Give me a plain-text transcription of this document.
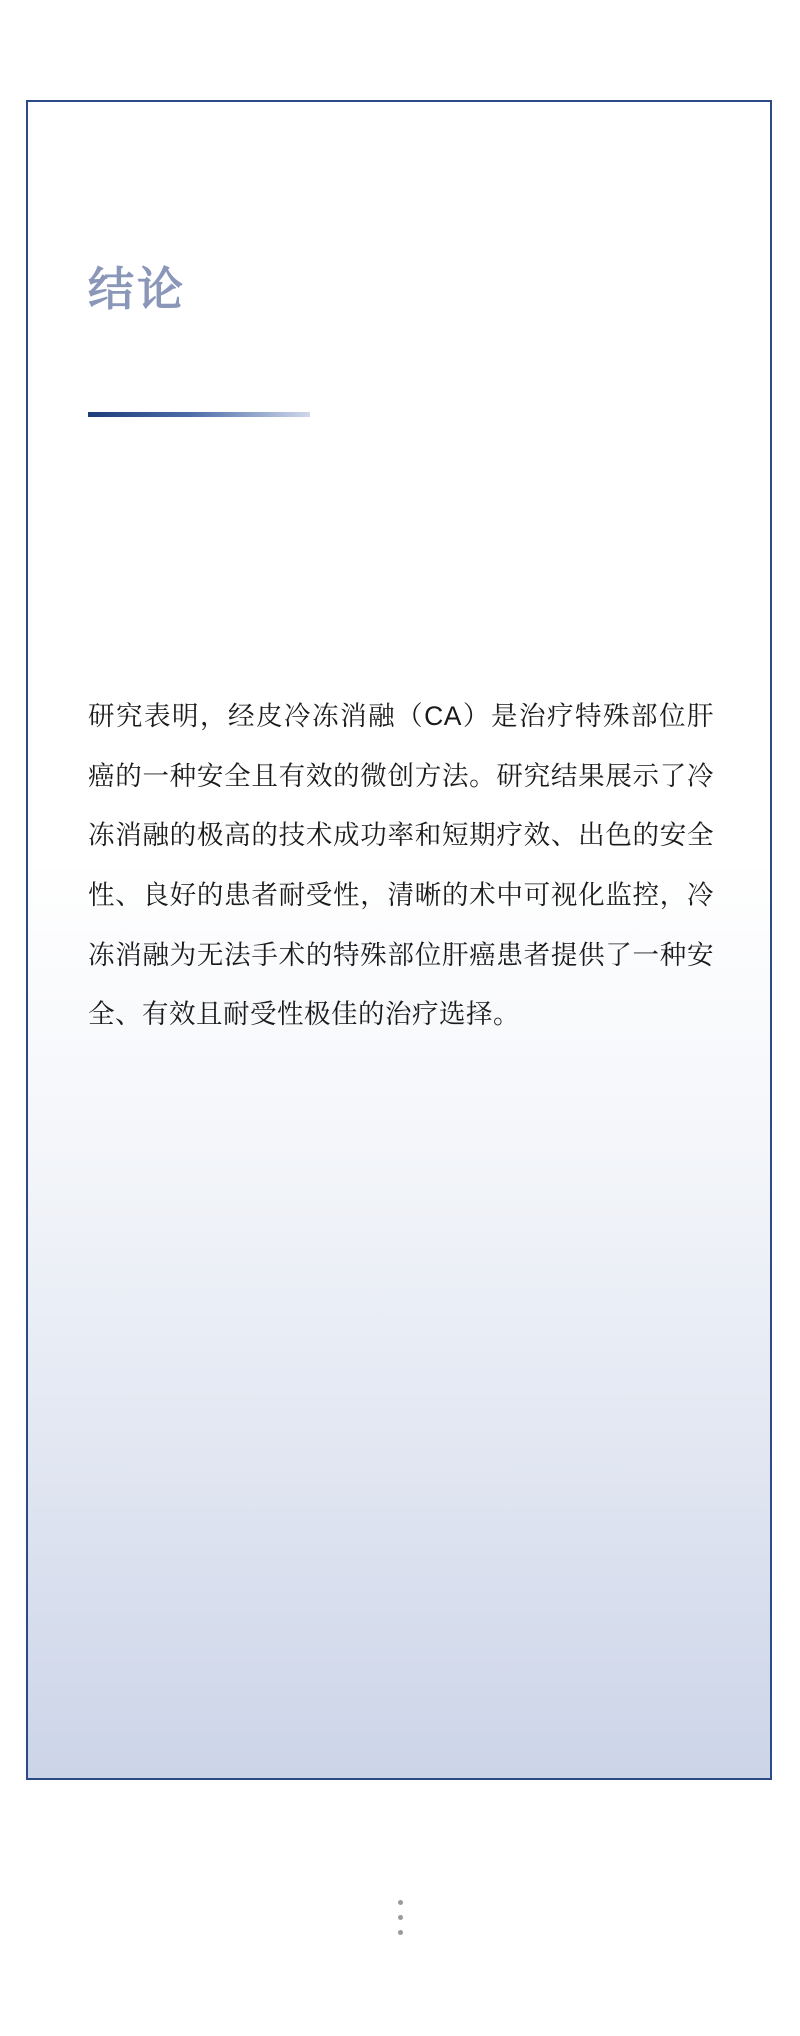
结论

研究表明，经皮冷冻消融（CA）是治疗特殊部位肝癌的一种安全且有效的微创方法。研究结果展示了冷冻消融的极高的技术成功率和短期疗效、出色的安全性、良好的患者耐受性，清晰的术中可视化监控，冷冻消融为无法手术的特殊部位肝癌患者提供了一种安全、有效且耐受性极佳的治疗选择。
